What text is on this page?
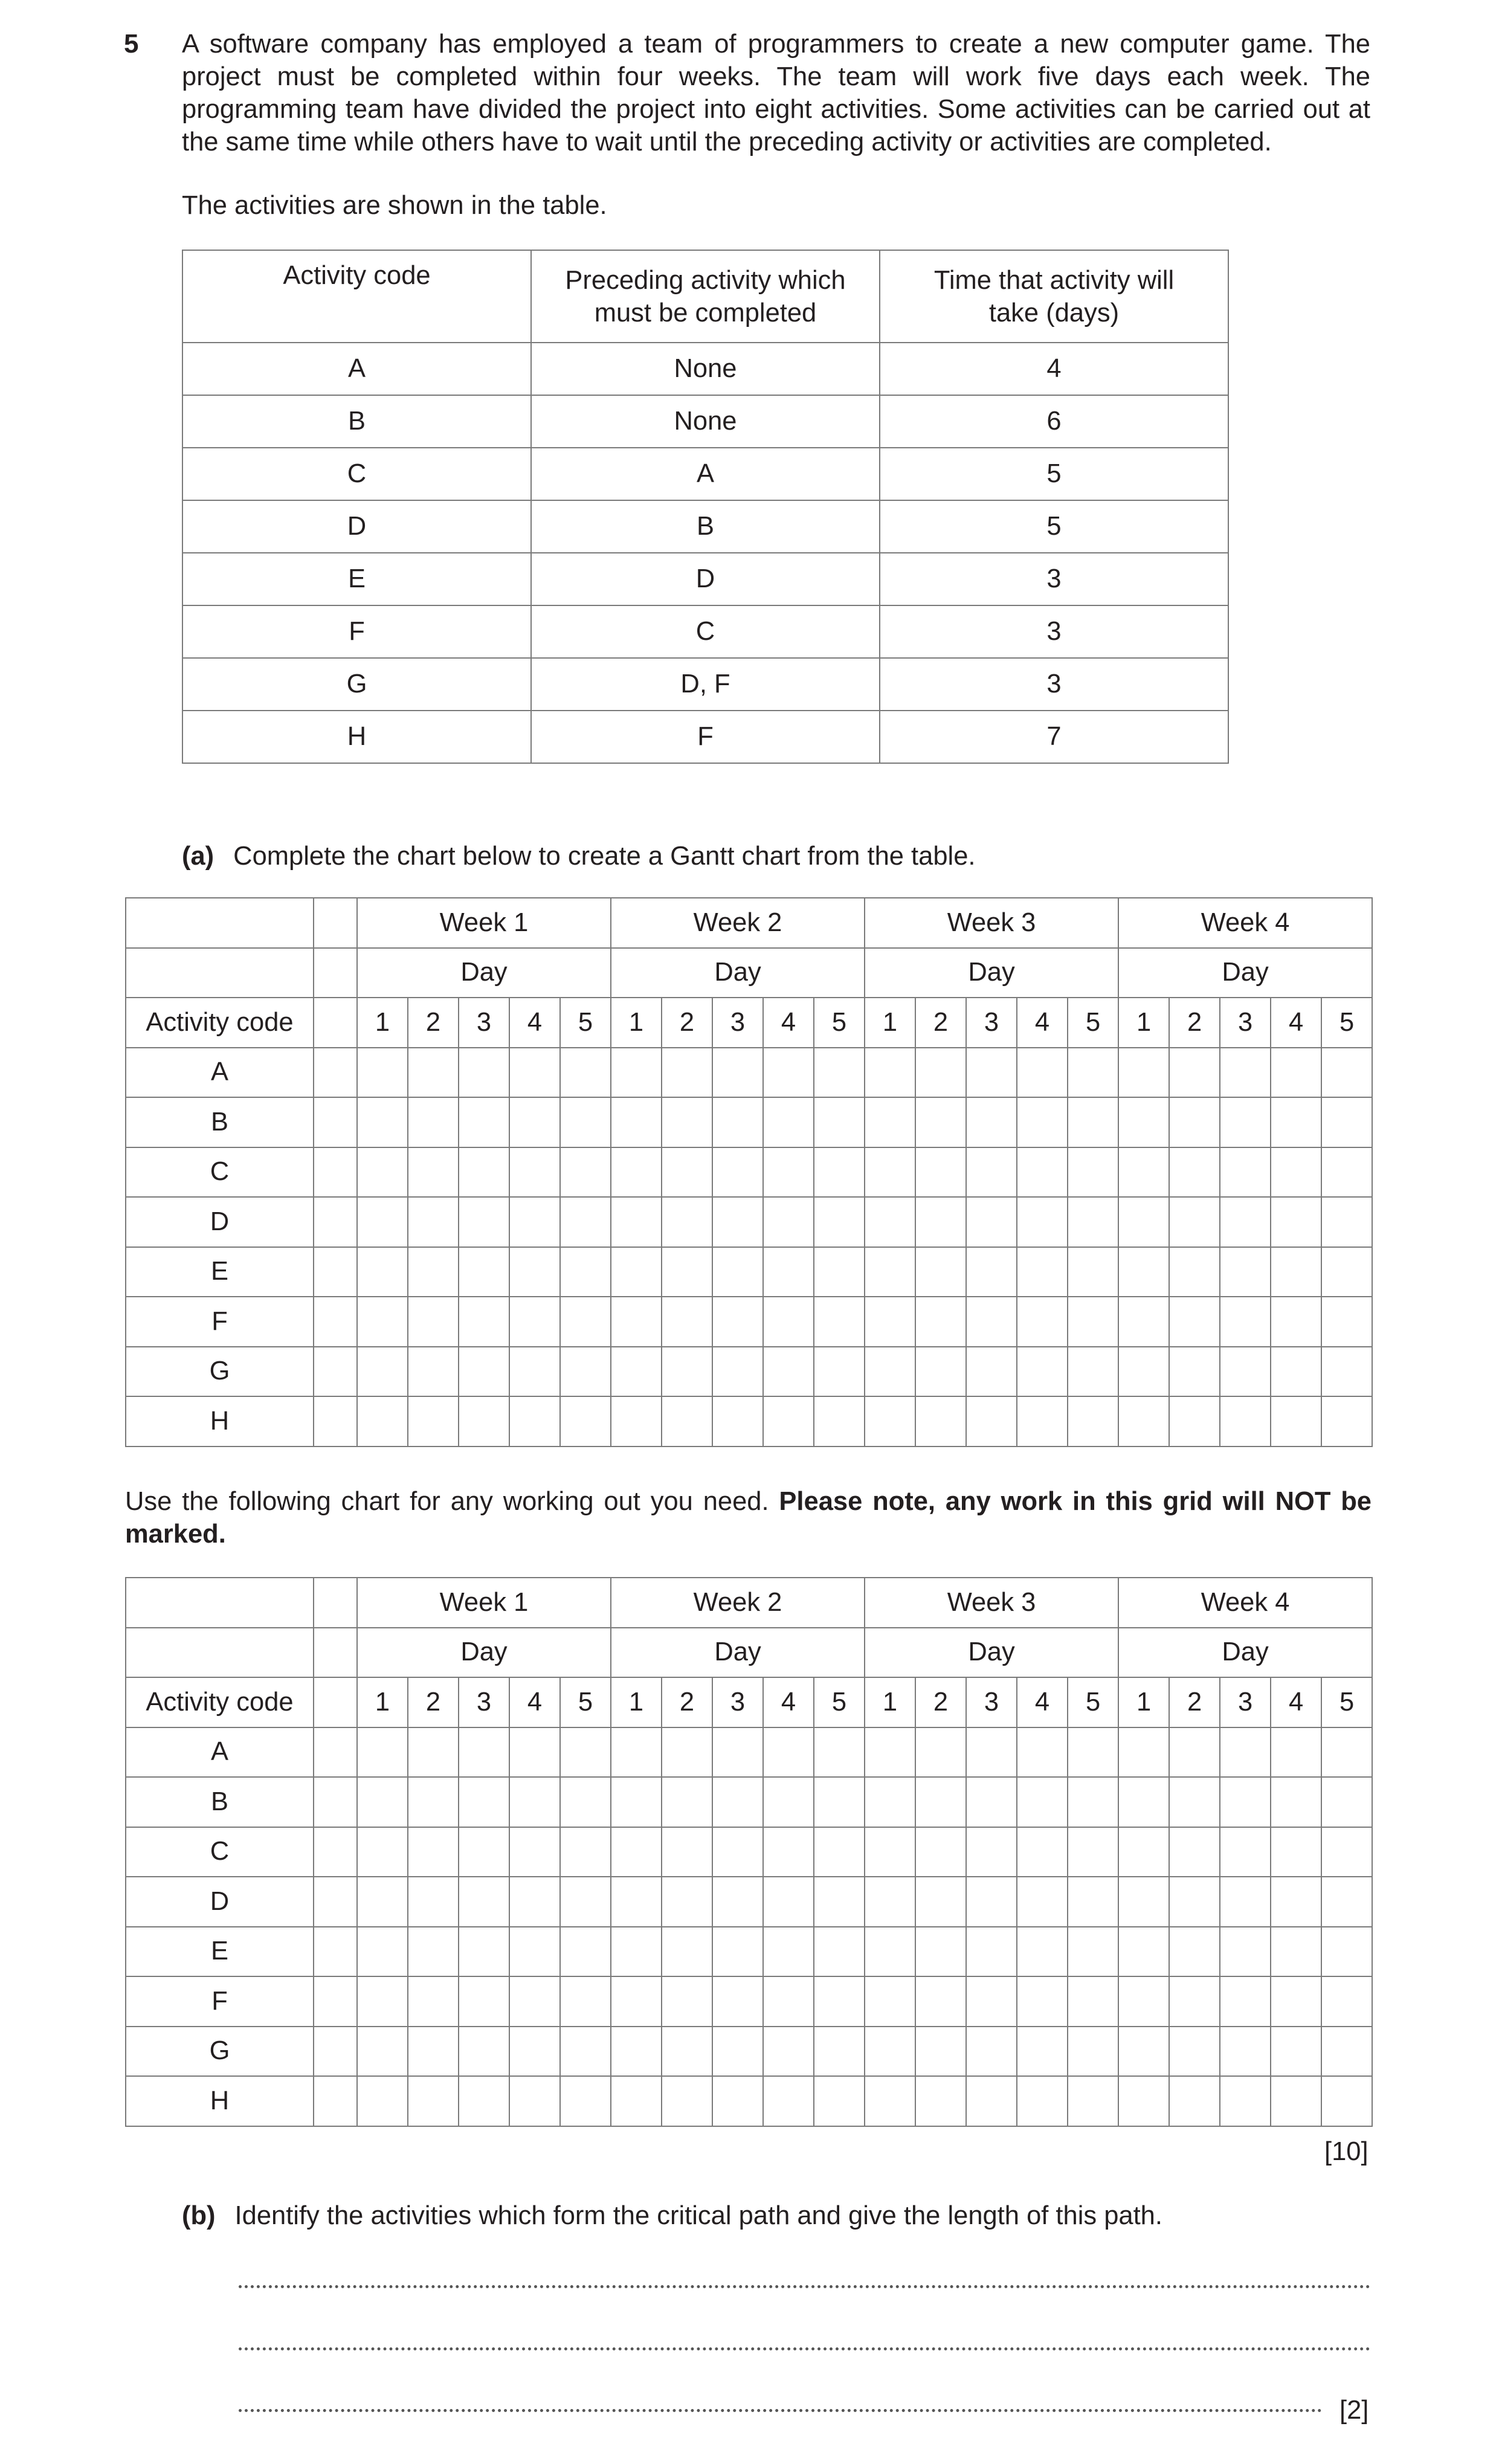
5 A software company has employed a team of programmers to create a new computer game. The project must be completed within four weeks. The team will work five days each week. The programming team have divided the project into eight activities. Some activities can be carried out at the same time while others have to wait until the preceding activity or activities are completed.

The activities are shown in the table.
Activity code	Preceding activity which must be completed	Time that activity will take (days)
A	None	4
B	None	6
C	A	5
D	B	5
E	D	3
F	C	3
G	D, F	3
H	F	7
(a) Complete the chart below to create a Gantt chart from the table.
		Week 1					Week 2					Week 3					Week 4				
		Day					Day					Day					Day				
Activity code		1	2	3	4	5	1	2	3	4	5	1	2	3	4	5	1	2	3	4	5
A																					
B																					
C																					
D																					
E																					
F																					
G																					
H																					
Use the following chart for any working out you need. Please note, any work in this grid will NOT be marked.
		Week 1					Week 2					Week 3					Week 4				
		Day					Day					Day					Day				
Activity code		1	2	3	4	5	1	2	3	4	5	1	2	3	4	5	1	2	3	4	5
A																					
B																					
C																					
D																					
E																					
F																					
G																					
H																					
[10]
(b) Identify the activities which form the critical path and give the length of this path.
[2]
